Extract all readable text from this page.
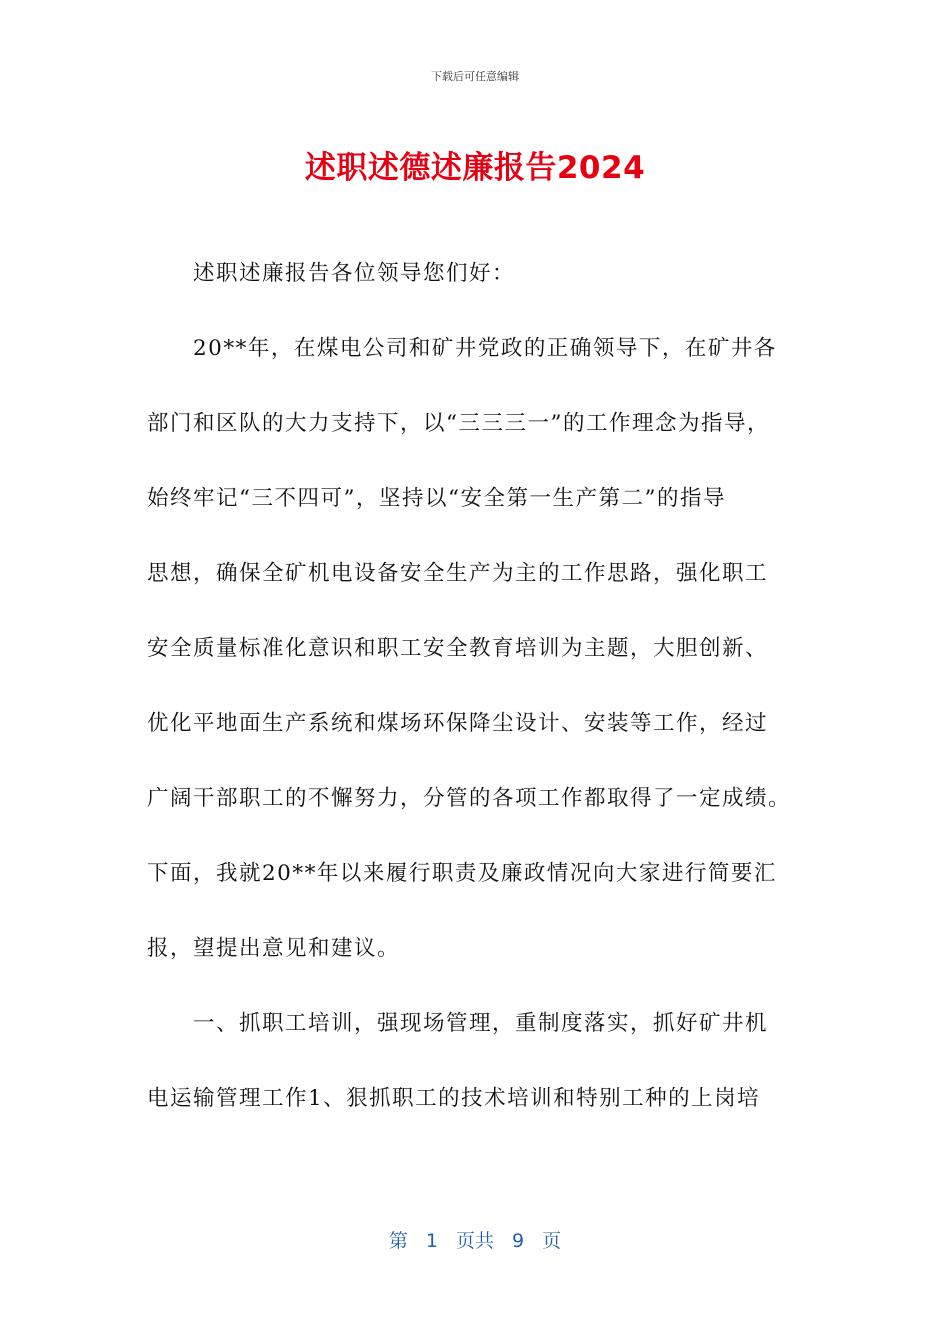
下载后可任意编辑
述职述德述廉报告2024
述职述廉报告各位领导您们好：
20**年，在煤电公司和矿井党政的正确领导下，在矿井各
部门和区队的大力支持下，以“三三三一”的工作理念为指导，
始终牢记“三不四可”，坚持以“安全第一生产第二”的指导
思想，确保全矿机电设备安全生产为主的工作思路，强化职工
安全质量标准化意识和职工安全教育培训为主题，大胆创新、
优化平地面生产系统和煤场环保降尘设计、安装等工作，经过
广阔干部职工的不懈努力，分管的各项工作都取得了一定成绩。
下面，我就20**年以来履行职责及廉政情况向大家进行简要汇
报，望提出意见和建议。
一、抓职工培训，强现场管理，重制度落实，抓好矿井机
电运输管理工作1、狠抓职工的技术培训和特别工种的上岗培
第 1 页共 9 页
